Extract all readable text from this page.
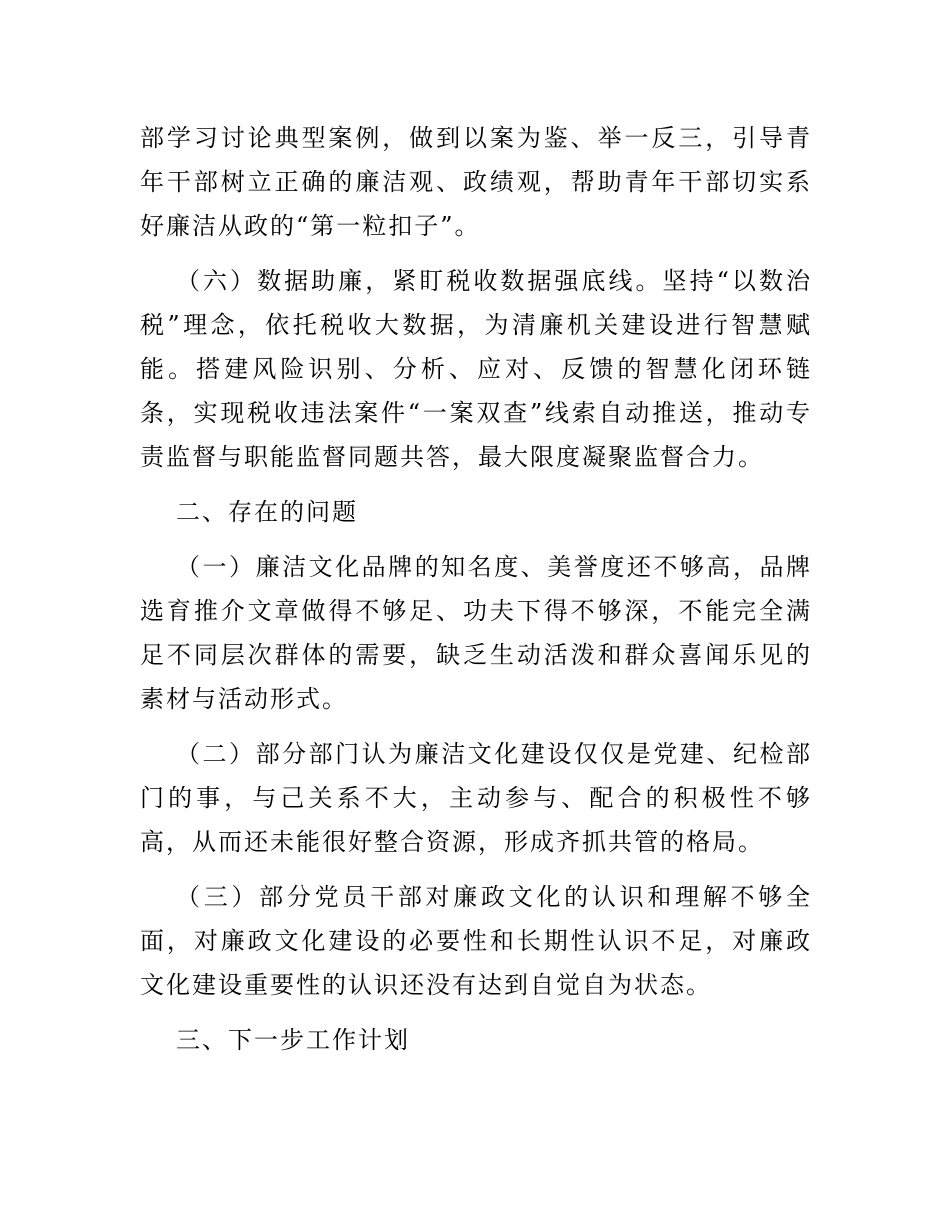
部学习讨论典型案例，做到以案为鉴、举一反三，引导青年干部树立正确的廉洁观、政绩观，帮助青年干部切实系好廉洁从政的“第一粒扣子”。

（六）数据助廉，紧盯税收数据强底线。坚持“以数治税”理念，依托税收大数据，为清廉机关建设进行智慧赋能。搭建风险识别、分析、应对、反馈的智慧化闭环链条，实现税收违法案件“一案双查”线索自动推送，推动专责监督与职能监督同题共答，最大限度凝聚监督合力。

二、存在的问题

（一）廉洁文化品牌的知名度、美誉度还不够高，品牌选育推介文章做得不够足、功夫下得不够深，不能完全满足不同层次群体的需要，缺乏生动活泼和群众喜闻乐见的素材与活动形式。

（二）部分部门认为廉洁文化建设仅仅是党建、纪检部门的事，与己关系不大，主动参与、配合的积极性不够高，从而还未能很好整合资源，形成齐抓共管的格局。

（三）部分党员干部对廉政文化的认识和理解不够全面，对廉政文化建设的必要性和长期性认识不足，对廉政文化建设重要性的认识还没有达到自觉自为状态。

三、下一步工作计划
